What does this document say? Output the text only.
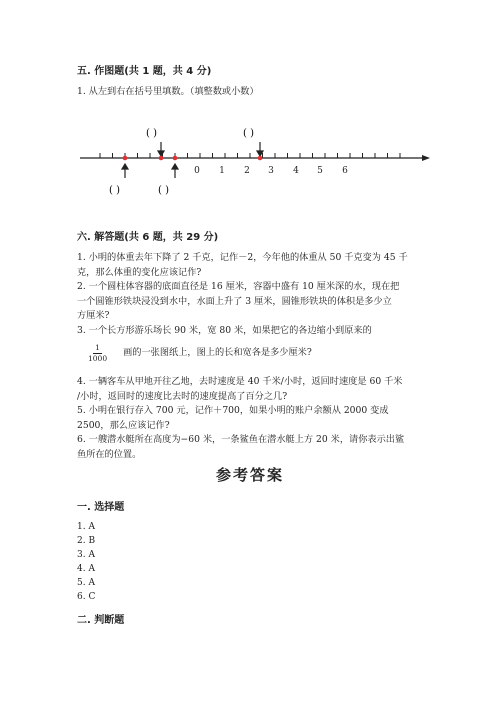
五. 作图题(共 1 题，共 4 分)
1. 从左到右在括号里填数。（填整数或小数）
( )	( )
0 1 2 3 4 5 6
( )	( )
六. 解答题(共 6 题，共 29 分)
1. 小明的体重去年下降了 2 千克，记作－2，今年他的体重从 50 千克变为 45 千
克，那么体重的变化应该记作?
2. 一个圆柱体容器的底面直径是 16 厘米，容器中盛有 10 厘米深的水，现在把
一个圆锥形铁块浸没到水中，水面上升了 3 厘米，圆锥形铁块的体积是多少立
方厘米?
3. 一个长方形游乐场长 90 米，宽 80 米，如果把它的各边缩小到原来的
$\frac{1}{1000}$ 画的一张图纸上，图上的长和宽各是多少厘米?
4. 一辆客车从甲地开往乙地，去时速度是 40 千米/小时，返回时速度是 60 千米
/小时，返回时的速度比去时的速度提高了百分之几?
5. 小明在银行存入 700 元，记作＋700，如果小明的账户余额从 2000 变成
2500，那么应该记作?
6. 一艘潜水艇所在高度为−60 米，一条鲨鱼在潜水艇上方 20 米，请你表示出鲨
鱼所在的位置。
参考答案
一. 选择题
1. A
2. B
3. A
4. A
5. A
6. C
二. 判断题
